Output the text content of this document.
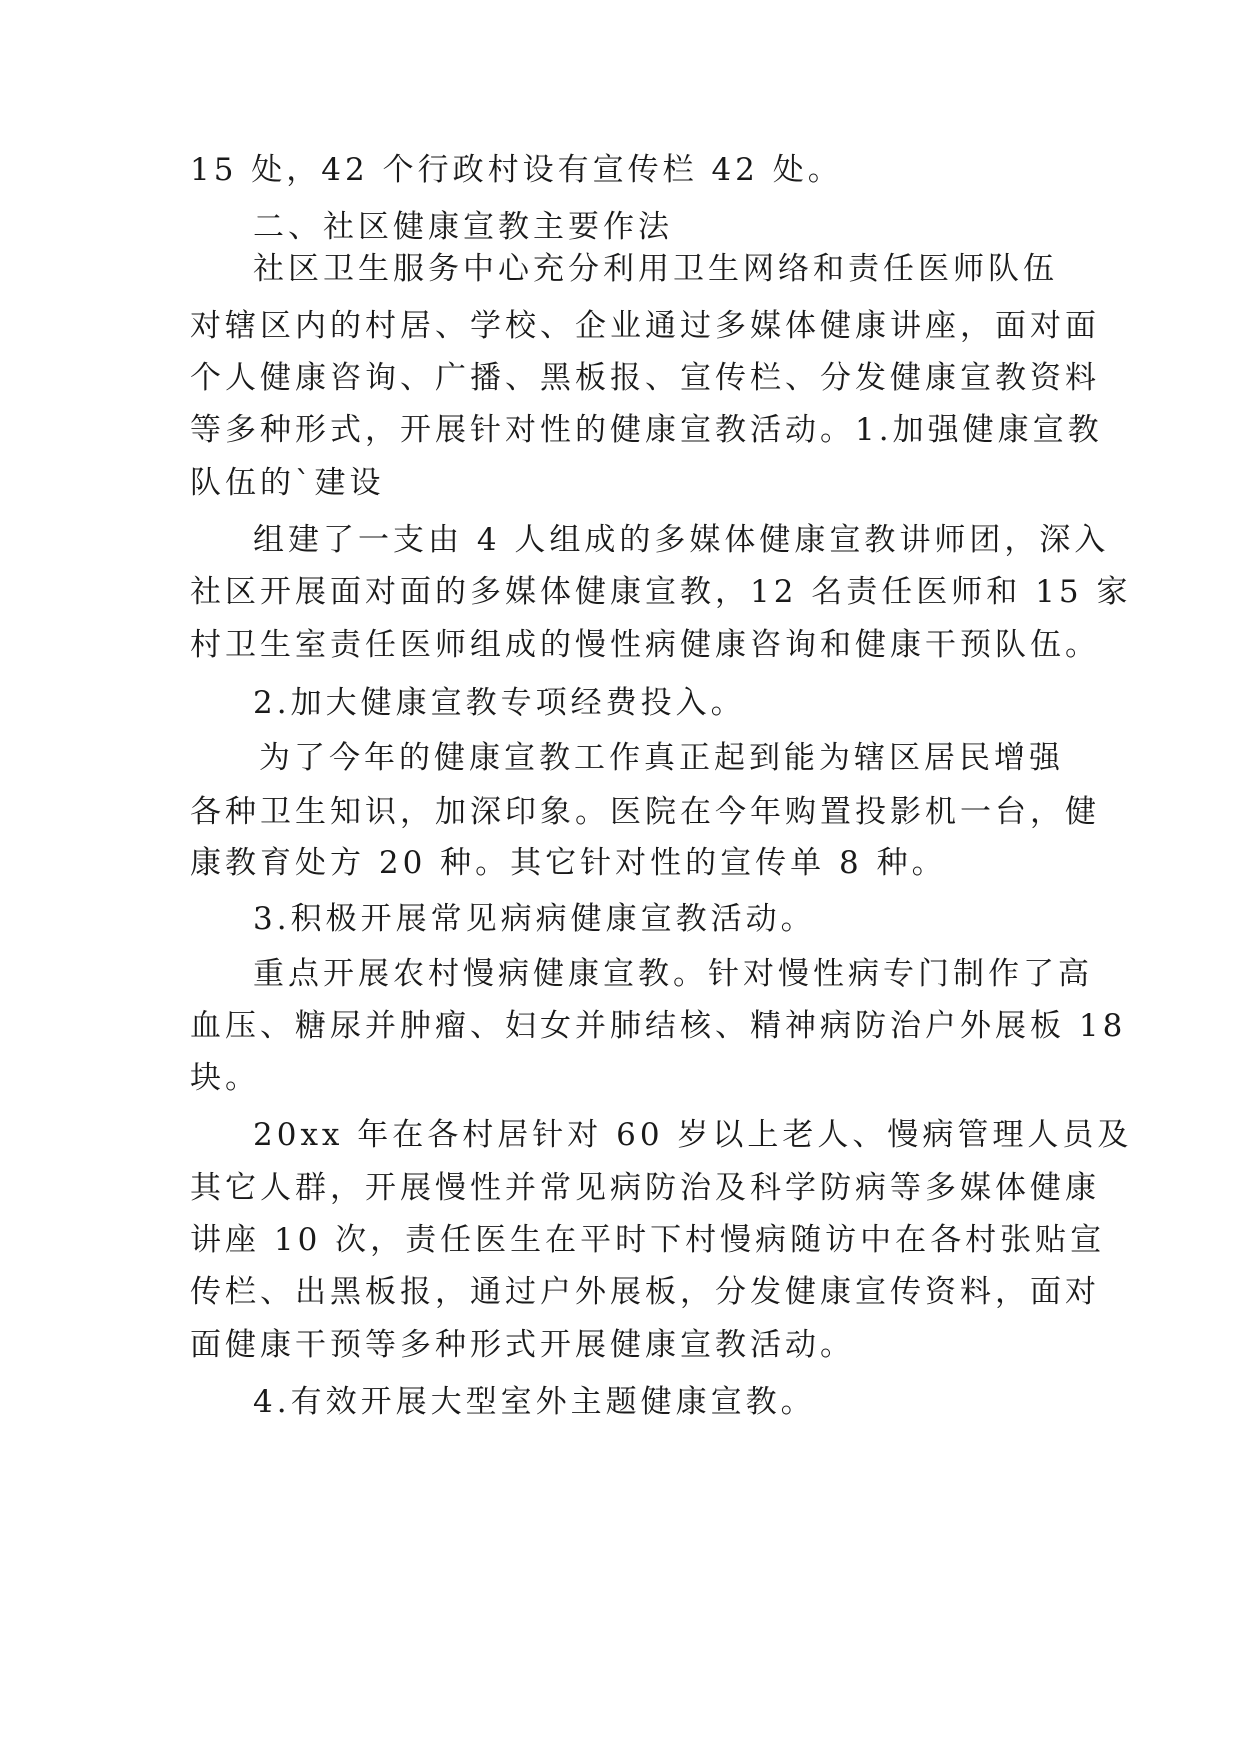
15 处，42 个行政村设有宣传栏 42 处。
二、社区健康宣教主要作法
社区卫生服务中心充分利用卫生网络和责任医师队伍
对辖区内的村居、学校、企业通过多媒体健康讲座，面对面
个人健康咨询、广播、黑板报、宣传栏、分发健康宣教资料
等多种形式，开展针对性的健康宣教活动。1.加强健康宣教
队伍的`建设
组建了一支由 4 人组成的多媒体健康宣教讲师团，深入
社区开展面对面的多媒体健康宣教，12 名责任医师和 15 家
村卫生室责任医师组成的慢性病健康咨询和健康干预队伍。
2.加大健康宣教专项经费投入。
为了今年的健康宣教工作真正起到能为辖区居民增强
各种卫生知识，加深印象。医院在今年购置投影机一台，健
康教育处方 20 种。其它针对性的宣传单 8 种。
3.积极开展常见病病健康宣教活动。
重点开展农村慢病健康宣教。针对慢性病专门制作了高
血压、糖尿并肿瘤、妇女并肺结核、精神病防治户外展板 18
块。
20xx 年在各村居针对 60 岁以上老人、慢病管理人员及
其它人群，开展慢性并常见病防治及科学防病等多媒体健康
讲座 10 次，责任医生在平时下村慢病随访中在各村张贴宣
传栏、出黑板报，通过户外展板，分发健康宣传资料，面对
面健康干预等多种形式开展健康宣教活动。
4.有效开展大型室外主题健康宣教。
